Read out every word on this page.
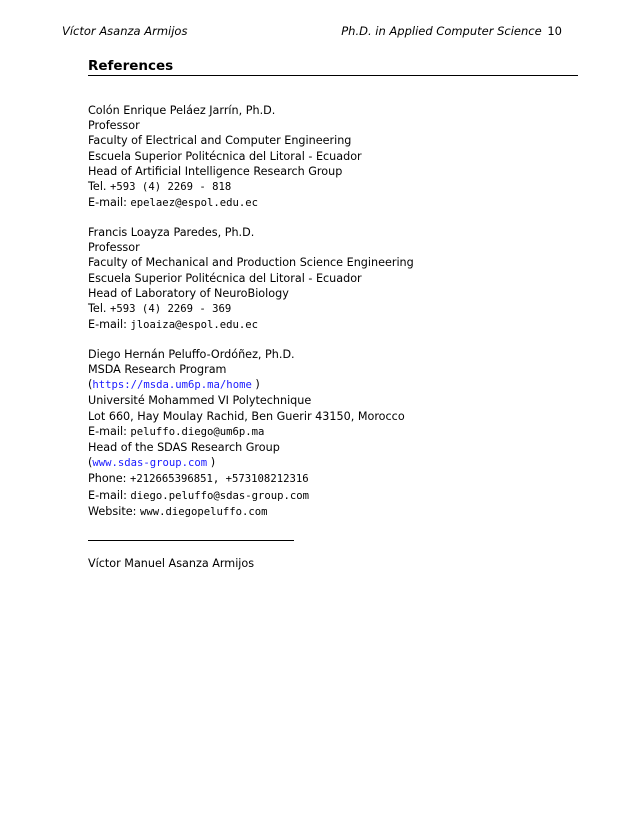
Víctor Asanza Armijos	Ph.D. in Applied Computer Science 10
References
Colón Enrique Peláez Jarrín, Ph.D.
Professor
Faculty of Electrical and Computer Engineering
Escuela Superior Politécnica del Litoral - Ecuador
Head of Artificial Intelligence Research Group
Tel. +593 (4) 2269 - 818
E-mail: epelaez@espol.edu.ec
Francis Loayza Paredes, Ph.D.
Professor
Faculty of Mechanical and Production Science Engineering
Escuela Superior Politécnica del Litoral - Ecuador
Head of Laboratory of NeuroBiology
Tel. +593 (4) 2269 - 369
E-mail: jloaiza@espol.edu.ec
Diego Hernán Peluffo-Ordóñez, Ph.D.
MSDA Research Program
(https://msda.um6p.ma/home )
Université Mohammed VI Polytechnique
Lot 660, Hay Moulay Rachid, Ben Guerir 43150, Morocco
E-mail: peluffo.diego@um6p.ma
Head of the SDAS Research Group
(www.sdas-group.com )
Phone: +212665396851, +573108212316
E-mail: diego.peluffo@sdas-group.com
Website: www.diegopeluffo.com
Víctor Manuel Asanza Armijos
